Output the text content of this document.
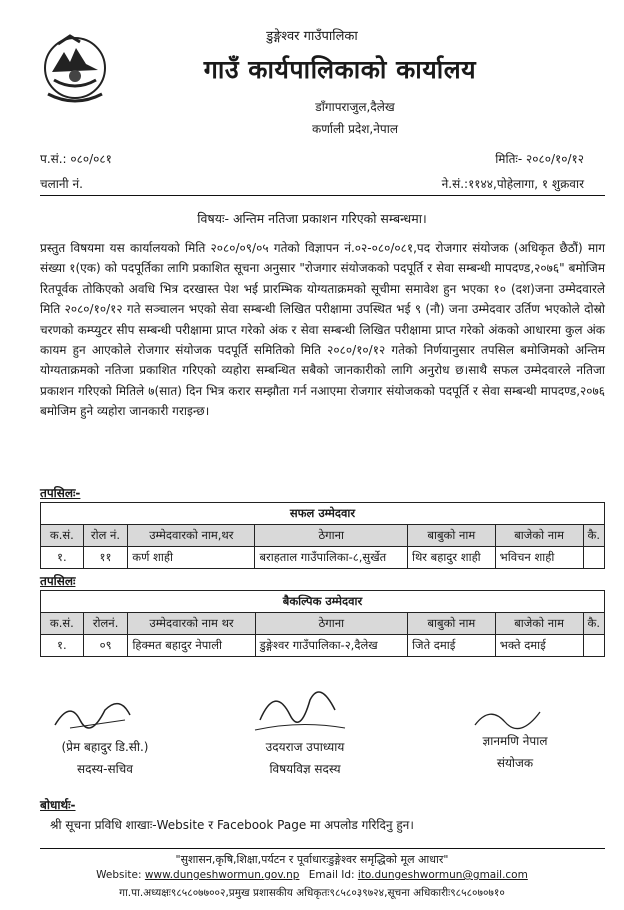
डुङ्गेश्वर गाउँपालिका
गाउँ कार्यपालिकाको कार्यालय
डाँगापराजुल,दैलेख
कर्णाली प्रदेश,नेपाल
प.सं.: ०८०/०८१
चलानी नं.
मितिः- २०८०/१०/१२
ने.सं.:११४४,पोहेलागा, १ शुक्रवार
विषयः- अन्तिम नतिजा प्रकाशन गरिएको सम्बन्धमा।
प्रस्तुत विषयमा यस कार्यालयको मिति २०८०/०९/०५ गतेको विज्ञापन नं.०२-०८०/०८१,पद रोजगार संयोजक (अधिकृत छैठौं) माग संख्या १(एक) को पदपूर्तिका लागि प्रकाशित सूचना अनुसार "रोजगार संयोजकको पदपूर्ति र सेवा सम्बन्धी मापदण्ड,२०७६" बमोजिम रितपूर्वक तोकिएको अवधि भित्र दरखास्त पेश भई प्रारम्भिक योग्यताक्रमको सूचीमा समावेश हुन भएका १० (दश)जना उम्मेदवारले मिति २०८०/१०/१२ गते सञ्चालन भएको सेवा सम्बन्धी लिखित परीक्षामा उपस्थित भई ९ (नौ) जना उम्मेदवार उर्तिण भएकोले दोस्रो चरणको कम्प्युटर सीप सम्बन्धी परीक्षामा प्राप्त गरेको अंक र सेवा सम्बन्धी लिखित परीक्षामा प्राप्त गरेको अंकको आधारमा कुल अंक कायम हुन आएकोले रोजगार संयोजक पदपूर्ति समितिको मिति २०८०/१०/१२ गतेको निर्णयानुसार तपसिल बमोजिमको अन्तिम योग्यताक्रमको नतिजा प्रकाशित गरिएको व्यहोरा सम्बन्धित सबैको जानकारीको लागि अनुरोध छ।साथै सफल उम्मेदवारले नतिजा प्रकाशन गरिएको मितिले ७(सात) दिन भित्र करार सम्झौता गर्न नआएमा रोजगार संयोजकको पदपूर्ति र सेवा सम्बन्धी मापदण्ड,२०७६ बमोजिम हुने व्यहोरा जानकारी गराइन्छ।
तपसिलः-
सफल उम्मेदवार						
क.सं.	रोल नं.	उम्मेदवारको नाम,थर	ठेगाना	बाबुको नाम	बाजेको नाम	कै.
१.	११	कर्ण शाही	बराहताल गाउँपालिका-८,सुर्खेत	थिर बहादुर शाही	भविचन शाही	
तपसिलः
बैकल्पिक उम्मेदवार						
क.सं.	रोलनं.	उम्मेदवारको नाम थर	ठेगाना	बाबुको नाम	बाजेको नाम	कै.
१.	०९	हिक्मत बहादुर नेपाली	डुङ्गेश्वर गाउँपालिका-२,दैलेख	जिते दमाई	भक्ते दमाई	
(प्रेम बहादुर डि.सी.)
सदस्य-सचिव
उदयराज उपाध्याय
विषयविज्ञ सदस्य
ज्ञानमणि नेपाल
संयोजक
बोधार्थः-
श्री सूचना प्रविधि शाखाः-Website र Facebook Page मा अपलोड गरिदिनु हुन।
"सुशासन,कृषि,शिक्षा,पर्यटन र पूर्वाधारःडुङ्गेश्वर समृद्धिको मूल आधार"
Website: www.dungeshwormun.gov.np Email Id: ito.dungeshwormun@gmail.com
गा.पा.अध्यक्षः९८५८०७७००२,प्रमुख प्रशासकीय अधिकृतः९८५८०३९७२४,सूचना अधिकारीः९८५८०७०७१०
